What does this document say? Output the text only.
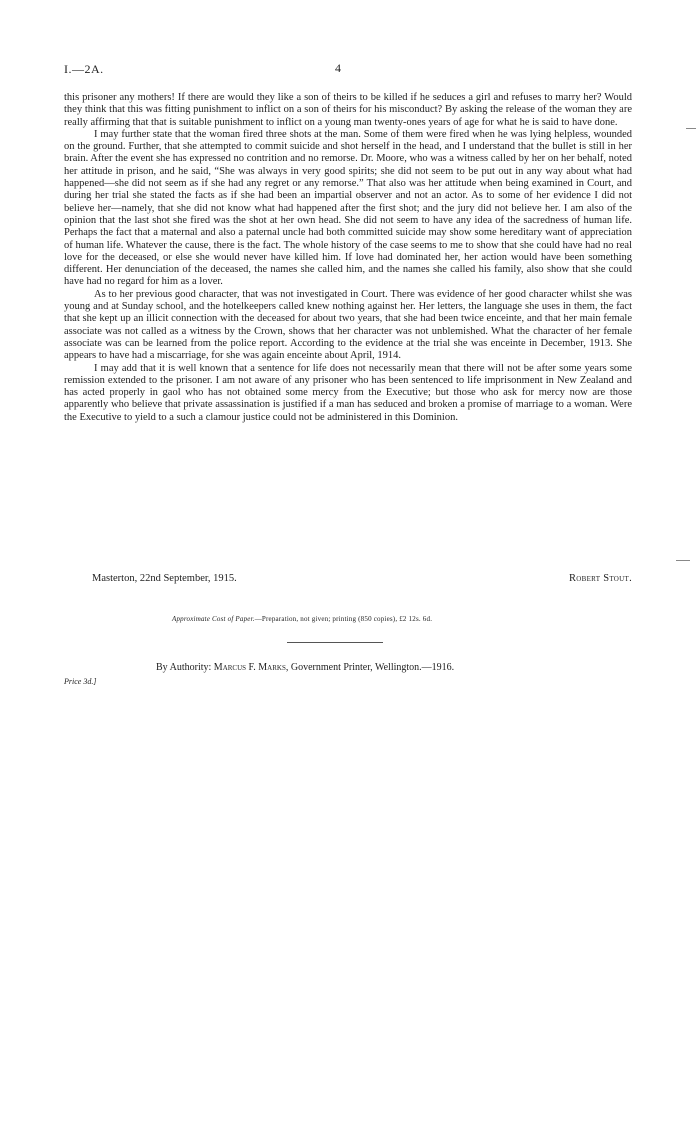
I.—2A.	4

this prisoner any mothers! If there are would they like a son of theirs to be killed if he seduces a girl and refuses to marry her? Would they think that this was fitting punishment to inflict on a son of theirs for his misconduct? By asking the release of the woman they are really affirming that that is suitable punishment to inflict on a young man twenty-ones years of age for what he is said to have done.

I may further state that the woman fired three shots at the man. Some of them were fired when he was lying helpless, wounded on the ground. Further, that she attempted to commit suicide and shot herself in the head, and I understand that the bullet is still in her brain. After the event she has expressed no contrition and no remorse. Dr. Moore, who was a witness called by her on her behalf, noted her attitude in prison, and he said, “She was always in very good spirits; she did not seem to be put out in any way about what had happened—she did not seem as if she had any regret or any remorse.” That also was her attitude when being examined in Court, and during her trial she stated the facts as if she had been an impartial observer and not an actor. As to some of her evidence I did not believe her—namely, that she did not know what had happened after the first shot; and the jury did not believe her. I am also of the opinion that the last shot she fired was the shot at her own head. She did not seem to have any idea of the sacredness of human life. Perhaps the fact that a maternal and also a paternal uncle had both committed suicide may show some hereditary want of appreciation of human life. Whatever the cause, there is the fact. The whole history of the case seems to me to show that she could have had no real love for the deceased, or else she would never have killed him. If love had dominated her, her action would have been something different. Her denunciation of the deceased, the names she called him, and the names she called his family, also show that she could have had no regard for him as a lover.

As to her previous good character, that was not investigated in Court. There was evidence of her good character whilst she was young and at Sunday school, and the hotelkeepers called knew nothing against her. Her letters, the language she uses in them, the fact that she kept up an illicit connection with the deceased for about two years, that she had been twice enceinte, and that her main female associate was not called as a witness by the Crown, shows that her character was not unblemished. What the character of her female associate was can be learned from the police report. According to the evidence at the trial she was enceinte in December, 1913. She appears to have had a miscarriage, for she was again enceinte about April, 1914.

I may add that it is well known that a sentence for life does not necessarily mean that there will not be after some years some remission extended to the prisoner. I am not aware of any prisoner who has been sentenced to life imprisonment in New Zealand and has acted properly in gaol who has not obtained some mercy from the Executive; but those who ask for mercy now are those apparently who believe that private assassination is justified if a man has seduced and broken a promise of marriage to a woman. Were the Executive to yield to a such a clamour justice could not be administered in this Dominion.

Masterton, 22nd September, 1915.	Robert Stout.
Approximate Cost of Paper.—Preparation, not given; printing (850 copies), £2 12s. 6d.
By Authority: Marcus F. Marks, Government Printer, Wellington.—1916.
Price 3d.]
